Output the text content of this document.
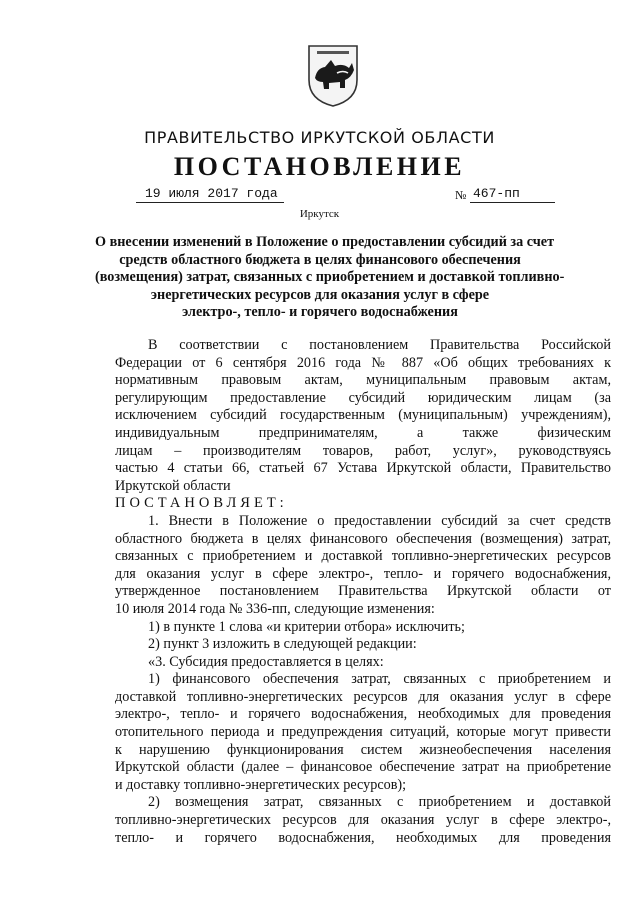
ПРАВИТЕЛЬСТВО ИРКУТСКОЙ ОБЛАСТИ
ПОСТАНОВЛЕНИЕ
19 июля 2017 года	№ 467-пп
Иркутск
О внесении изменений в Положение о предоставлении субсидий за счет
средств областного бюджета в целях финансового обеспечения
(возмещения) затрат, связанных с приобретением и доставкой топливно-
энергетических ресурсов для оказания услуг в сфере
электро-, тепло- и горячего водоснабжения
В соответствии с постановлением Правительства Российской
Федерации от 6 сентября 2016 года № 887 «Об общих требованиях к
нормативным правовым актам, муниципальным правовым актам,
регулирующим предоставление субсидий юридическим лицам (за
исключением субсидий государственным (муниципальным) учреждениям),
индивидуальным предпринимателям, а также физическим
лицам – производителям товаров, работ, услуг», руководствуясь
частью 4 статьи 66, статьей 67 Устава Иркутской области, Правительство
Иркутской области
ПОСТАНОВЛЯЕТ:
1. Внести в Положение о предоставлении субсидий за счет средств
областного бюджета в целях финансового обеспечения (возмещения) затрат,
связанных с приобретением и доставкой топливно-энергетических ресурсов
для оказания услуг в сфере электро-, тепло- и горячего водоснабжения,
утвержденное постановлением Правительства Иркутской области от
10 июля 2014 года № 336-пп, следующие изменения:
1) в пункте 1 слова «и критерии отбора» исключить;
2) пункт 3 изложить в следующей редакции:
«3. Субсидия предоставляется в целях:
1) финансового обеспечения затрат, связанных с приобретением и
доставкой топливно-энергетических ресурсов для оказания услуг в сфере
электро-, тепло- и горячего водоснабжения, необходимых для проведения
отопительного периода и предупреждения ситуаций, которые могут привести
к нарушению функционирования систем жизнеобеспечения населения
Иркутской области (далее – финансовое обеспечение затрат на приобретение
и доставку топливно-энергетических ресурсов);
2) возмещения затрат, связанных с приобретением и доставкой
топливно-энергетических ресурсов для оказания услуг в сфере электро-,
тепло- и горячего водоснабжения, необходимых для проведения
